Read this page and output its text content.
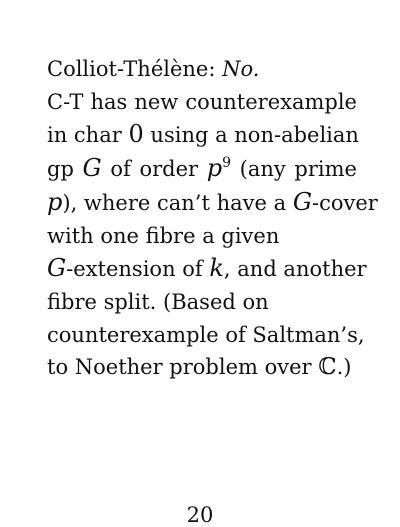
Colliot-Thélène: No.
C-T has new counterexample
in char 0 using a non-abelian
gp G of order $p^9$ (any prime
p), where can’t have a G-cover
with one fibre a given
G-extension of k, and another
fibre split. (Based on
counterexample of Saltman’s,
to Noether problem over ℂ.)
20
